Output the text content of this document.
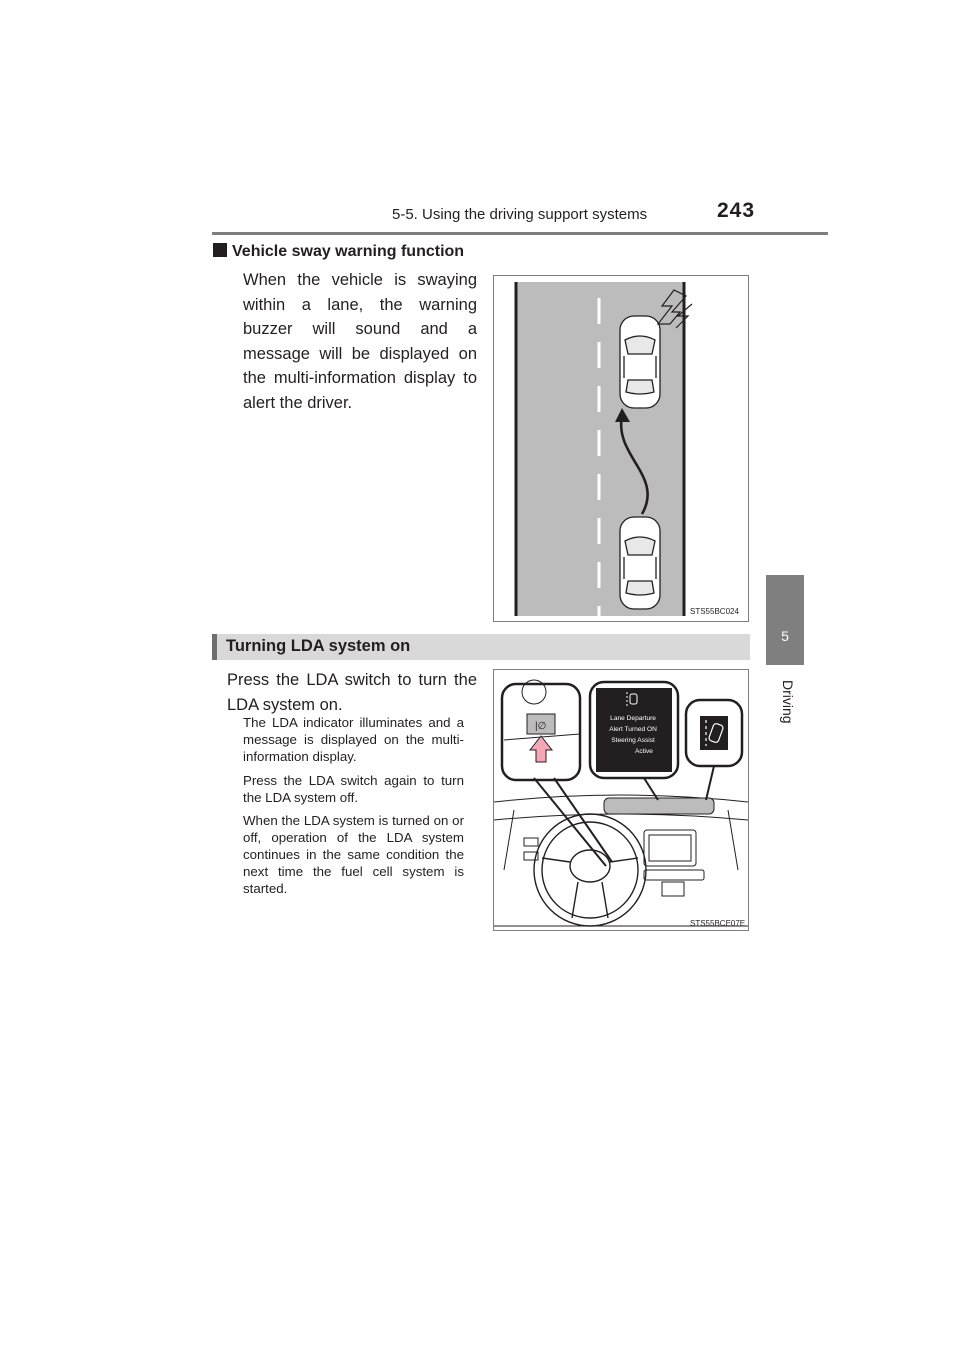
5-5. Using the driving support systems	243
5
Driving
Vehicle sway warning function
When the vehicle is swaying within a lane, the warning buzzer will sound and a message will be displayed on the multi-information display to alert the driver.
STS55BC024
Turning LDA system on
Press the LDA switch to turn the LDA system on.
The LDA indicator illuminates and a message is displayed on the multi-information display.
Press the LDA switch again to turn the LDA system off.
When the LDA system is turned on or off, operation of the LDA system continues in the same condition the next time the fuel cell system is started.
|∅
Lane Departure Alert Turned ON Steering Assist Active
STS55BCE07E
